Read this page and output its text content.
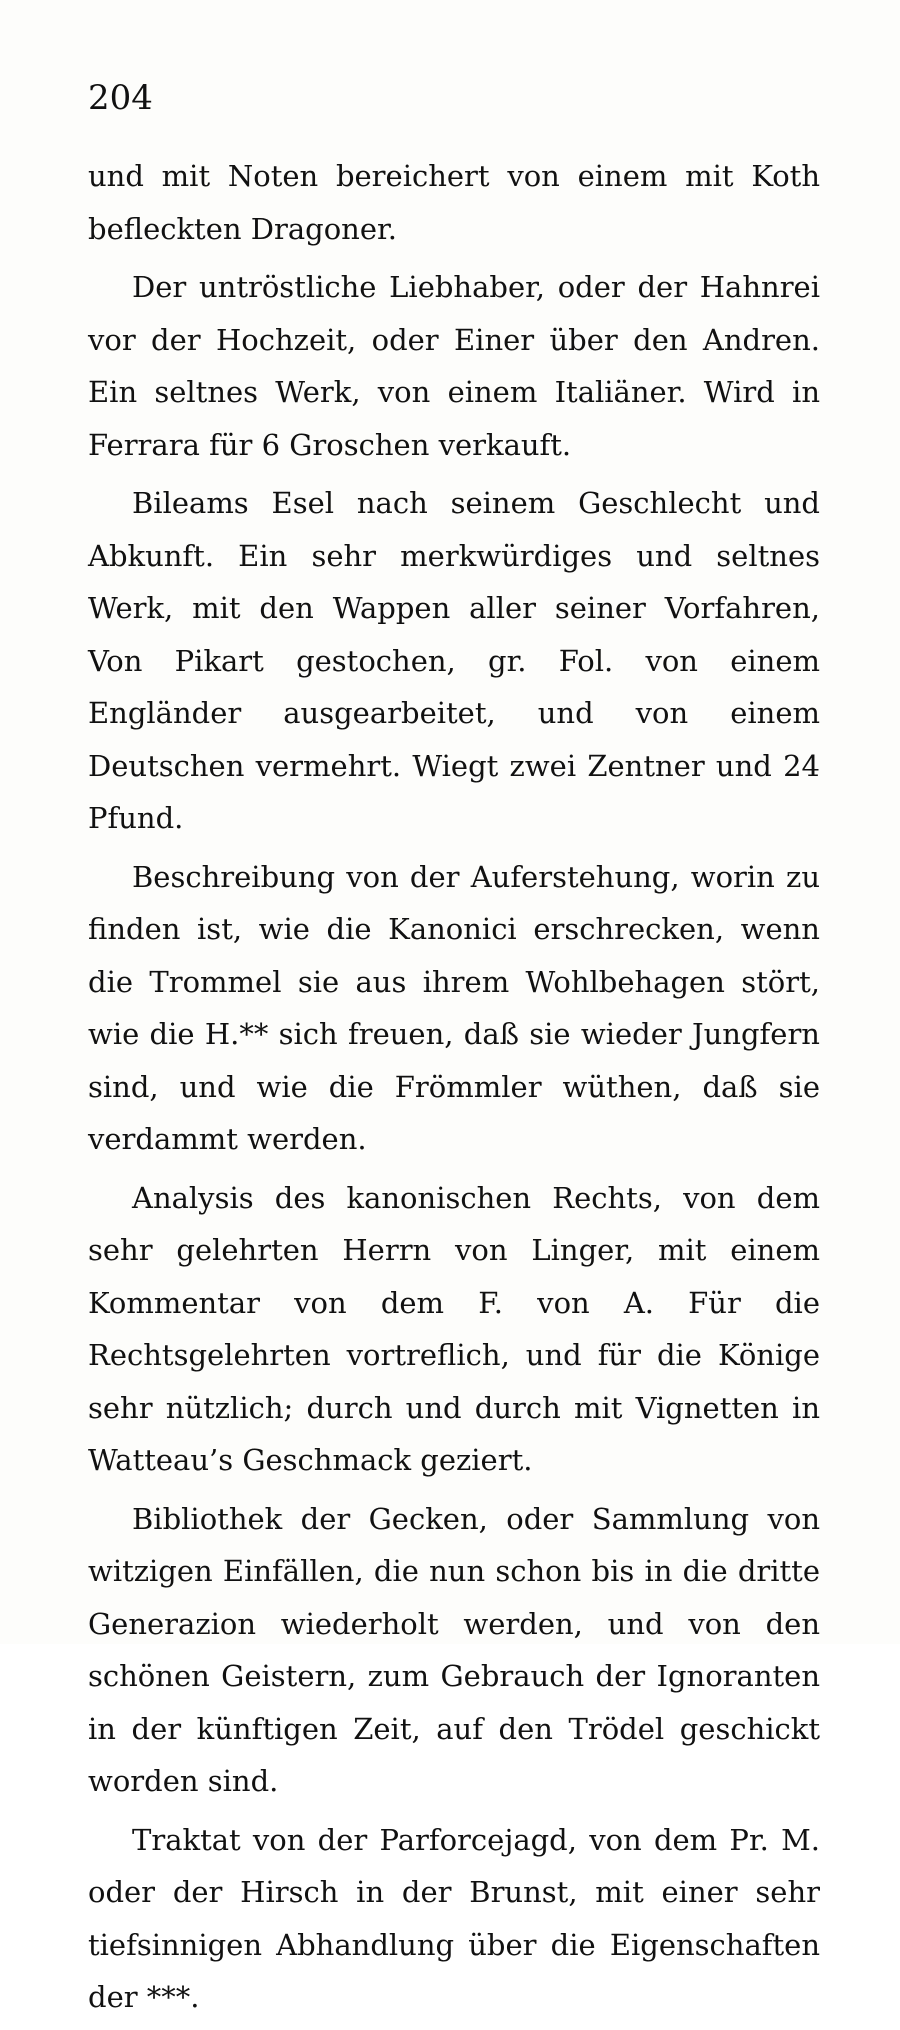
204

und mit Noten bereichert von einem mit Koth befleckten Dragoner.

Der untröstliche Liebhaber, oder der Hahnrei vor der Hochzeit, oder Einer über den Andren. Ein seltnes Werk, von einem Italiäner. Wird in Ferrara für 6 Groschen verkauft.

Bileams Esel nach seinem Geschlecht und Abkunft. Ein sehr merkwürdiges und seltnes Werk, mit den Wappen aller seiner Vorfahren, Von Pikart gestochen, gr. Fol. von einem Engländer ausgearbeitet, und von einem Deutschen vermehrt. Wiegt zwei Zentner und 24 Pfund.

Beschreibung von der Auferstehung, worin zu finden ist, wie die Kanonici erschrecken, wenn die Trommel sie aus ihrem Wohlbehagen stört, wie die H.** sich freuen, daß sie wieder Jungfern sind, und wie die Frömmler wüthen, daß sie verdammt werden.

Analysis des kanonischen Rechts, von dem sehr gelehrten Herrn von Linger, mit einem Kommentar von dem F. von A. Für die Rechtsgelehrten vortreflich, und für die Könige sehr nützlich; durch und durch mit Vignetten in Watteau’s Geschmack geziert.

Bibliothek der Gecken, oder Sammlung von witzigen Einfällen, die nun schon bis in die dritte Generazion wiederholt werden, und von den schönen Geistern, zum Gebrauch der Ignoranten in der künftigen Zeit, auf den Trödel geschickt worden sind.

Traktat von der Parforcejagd, von dem Pr. M. oder der Hirsch in der Brunst, mit einer sehr tiefsinnigen Abhandlung über die Eigenschaften der ***.
